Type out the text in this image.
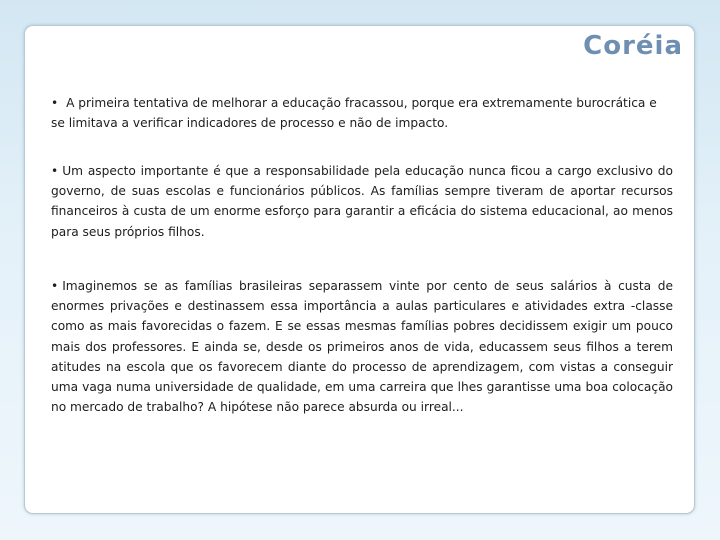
Coréia

• A primeira tentativa de melhorar a educação fracassou, porque era extremamente burocrática e se limitava a verificar indicadores de processo e não de impacto.

• Um aspecto importante é que a responsabilidade pela educação nunca ficou a cargo exclusivo do governo, de suas escolas e funcionários públicos. As famílias sempre tiveram de aportar recursos financeiros à custa de um enorme esforço para garantir a eficácia do sistema educacional, ao menos para seus próprios filhos.

• Imaginemos se as famílias brasileiras separassem vinte por cento de seus salários à custa de enormes privações e destinassem essa importância a aulas particulares e atividades extra -classe como as mais favorecidas o fazem. E se essas mesmas famílias pobres decidissem exigir um pouco mais dos professores. E ainda se, desde os primeiros anos de vida, educassem seus filhos a terem atitudes na escola que os favorecem diante do processo de aprendizagem, com vistas a conseguir uma vaga numa universidade de qualidade, em uma carreira que lhes garantisse uma boa colocação no mercado de trabalho? A hipótese não parece absurda ou irreal...
